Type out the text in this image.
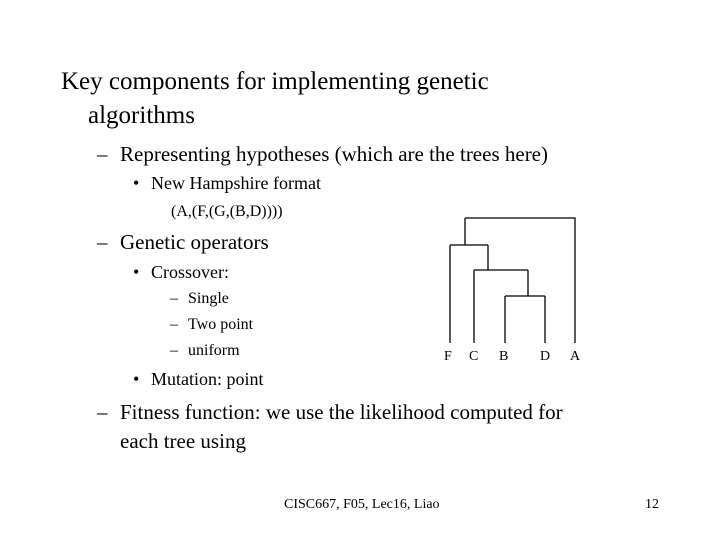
Key components for implementing genetic
algorithms
– Representing hypotheses (which are the trees here)
• New Hampshire format
(A,(F,(G,(B,D))))
– Genetic operators
• Crossover:
– Single
– Two point
– uniform
• Mutation: point
F C B D A
– Fitness function: we use the likelihood computed for
each tree using
CISC667, F05, Lec16, Liao	12
